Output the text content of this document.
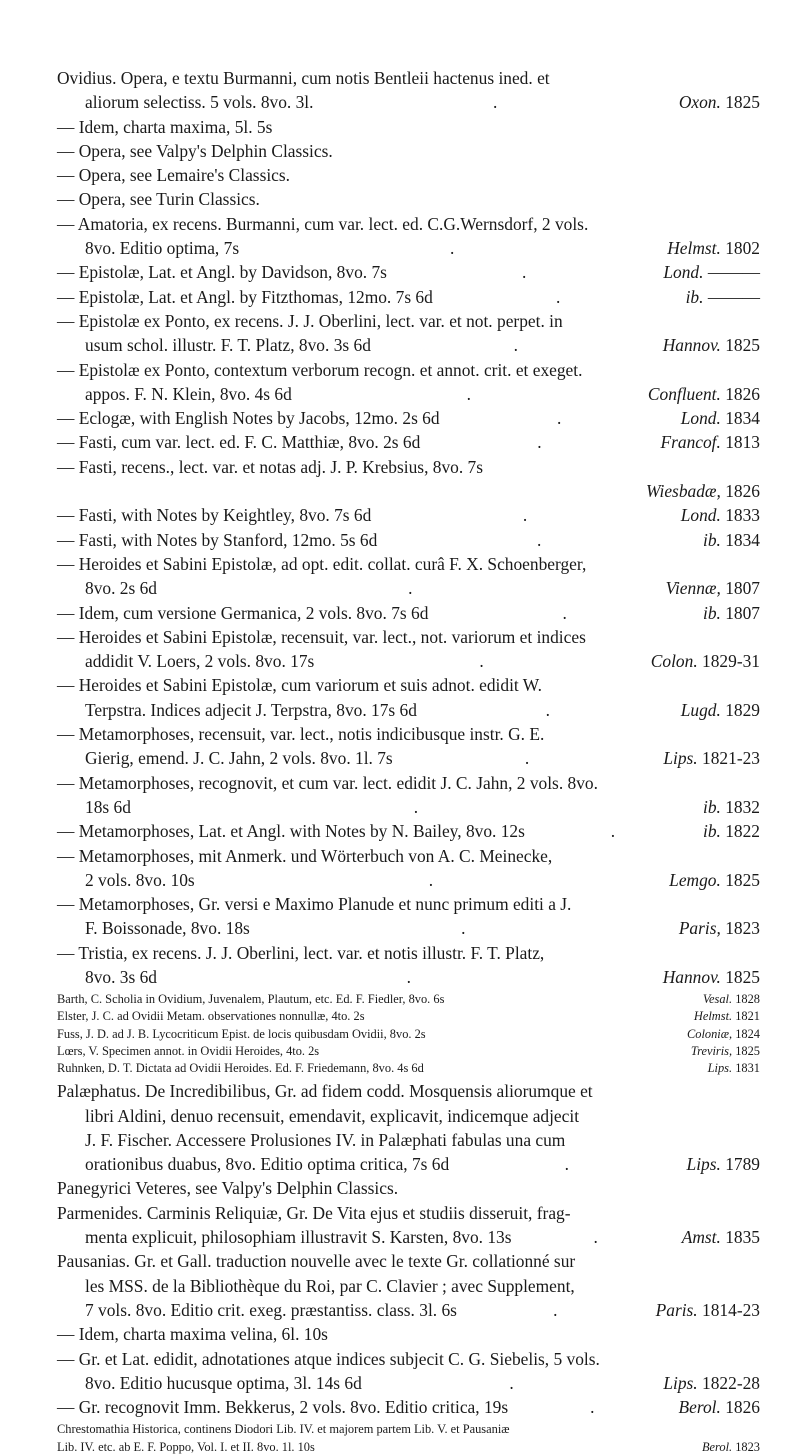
Ovidius. Opera, e textu Burmanni, cum notis Bentleii hactenus ined. et
aliorum selectiss. 5 vols. 8vo. 3l.	.	Oxon. 1825
— Idem, charta maxima, 5l. 5s
— Opera, see Valpy's Delphin Classics.
— Opera, see Lemaire's Classics.
— Opera, see Turin Classics.
— Amatoria, ex recens. Burmanni, cum var. lect. ed. C.G.Wernsdorf, 2 vols.
8vo. Editio optima, 7s	.	Helmst. 1802
— Epistolæ, Lat. et Angl. by Davidson, 8vo. 7s	.	Lond. ———
— Epistolæ, Lat. et Angl. by Fitzthomas, 12mo. 7s 6d	.	ib. ———
— Epistolæ ex Ponto, ex recens. J. J. Oberlini, lect. var. et not. perpet. in
usum schol. illustr. F. T. Platz, 8vo. 3s 6d	.	Hannov. 1825
— Epistolæ ex Ponto, contextum verborum recogn. et annot. crit. et exeget.
appos. F. N. Klein, 8vo. 4s 6d	.	Confluent. 1826
— Eclogæ, with English Notes by Jacobs, 12mo. 2s 6d	.	Lond. 1834
— Fasti, cum var. lect. ed. F. C. Matthiæ, 8vo. 2s 6d	.	Francof. 1813
— Fasti, recens., lect. var. et notas adj. J. P. Krebsius, 8vo. 7s
Wiesbadæ, 1826
— Fasti, with Notes by Keightley, 8vo. 7s 6d	.	Lond. 1833
— Fasti, with Notes by Stanford, 12mo. 5s 6d	.	ib. 1834
— Heroides et Sabini Epistolæ, ad opt. edit. collat. curâ F. X. Schoenberger,
8vo. 2s 6d	.	Viennæ, 1807
— Idem, cum versione Germanica, 2 vols. 8vo. 7s 6d	.	ib. 1807
— Heroides et Sabini Epistolæ, recensuit, var. lect., not. variorum et indices
addidit V. Loers, 2 vols. 8vo. 17s	.	Colon. 1829-31
— Heroides et Sabini Epistolæ, cum variorum et suis adnot. edidit W.
Terpstra. Indices adjecit J. Terpstra, 8vo. 17s 6d	.	Lugd. 1829
— Metamorphoses, recensuit, var. lect., notis indicibusque instr. G. E.
Gierig, emend. J. C. Jahn, 2 vols. 8vo. 1l. 7s	.	Lips. 1821-23
— Metamorphoses, recognovit, et cum var. lect. edidit J. C. Jahn, 2 vols. 8vo.
18s 6d	.	ib. 1832
— Metamorphoses, Lat. et Angl. with Notes by N. Bailey, 8vo. 12s	.	ib. 1822
— Metamorphoses, mit Anmerk. und Wörterbuch von A. C. Meinecke,
2 vols. 8vo. 10s	.	Lemgo. 1825
— Metamorphoses, Gr. versi e Maximo Planude et nunc primum editi a J.
F. Boissonade, 8vo. 18s	.	Paris, 1823
— Tristia, ex recens. J. J. Oberlini, lect. var. et notis illustr. F. T. Platz,
8vo. 3s 6d	.	Hannov. 1825
Barth, C. Scholia in Ovidium, Juvenalem, Plautum, etc. Ed. F. Fiedler, 8vo. 6s	Vesal. 1828
Elster, J. C. ad Ovidii Metam. observationes nonnullæ, 4to. 2s	Helmst. 1821
Fuss, J. D. ad J. B. Lycocriticum Epist. de locis quibusdam Ovidii, 8vo. 2s	Coloniæ, 1824
Lœrs, V. Specimen annot. in Ovidii Heroides, 4to. 2s	Treviris, 1825
Ruhnken, D. T. Dictata ad Ovidii Heroides. Ed. F. Friedemann, 8vo. 4s 6d	Lips. 1831
Palæphatus. De Incredibilibus, Gr. ad fidem codd. Mosquensis aliorumque et
libri Aldini, denuo recensuit, emendavit, explicavit, indicemque adjecit
J. F. Fischer. Accessere Prolusiones IV. in Palæphati fabulas una cum
orationibus duabus, 8vo. Editio optima critica, 7s 6d	.	Lips. 1789
Panegyrici Veteres, see Valpy's Delphin Classics.
Parmenides. Carminis Reliquiæ, Gr. De Vita ejus et studiis disseruit, frag-
menta explicuit, philosophiam illustravit S. Karsten, 8vo. 13s	.	Amst. 1835
Pausanias. Gr. et Gall. traduction nouvelle avec le texte Gr. collationné sur
les MSS. de la Bibliothèque du Roi, par C. Clavier ; avec Supplement,
7 vols. 8vo. Editio crit. exeg. præstantiss. class. 3l. 6s	.	Paris. 1814-23
— Idem, charta maxima velina, 6l. 10s
— Gr. et Lat. edidit, adnotationes atque indices subjecit C. G. Siebelis, 5 vols.
8vo. Editio hucusque optima, 3l. 14s 6d	.	Lips. 1822-28
— Gr. recognovit Imm. Bekkerus, 2 vols. 8vo. Editio critica, 19s	.	Berol. 1826
Chrestomathia Historica, continens Diodori Lib. IV. et majorem partem Lib. V. et Pausaniæ
Lib. IV. etc. ab E. F. Poppo, Vol. I. et II. 8vo. 1l. 10s	Berol. 1823
